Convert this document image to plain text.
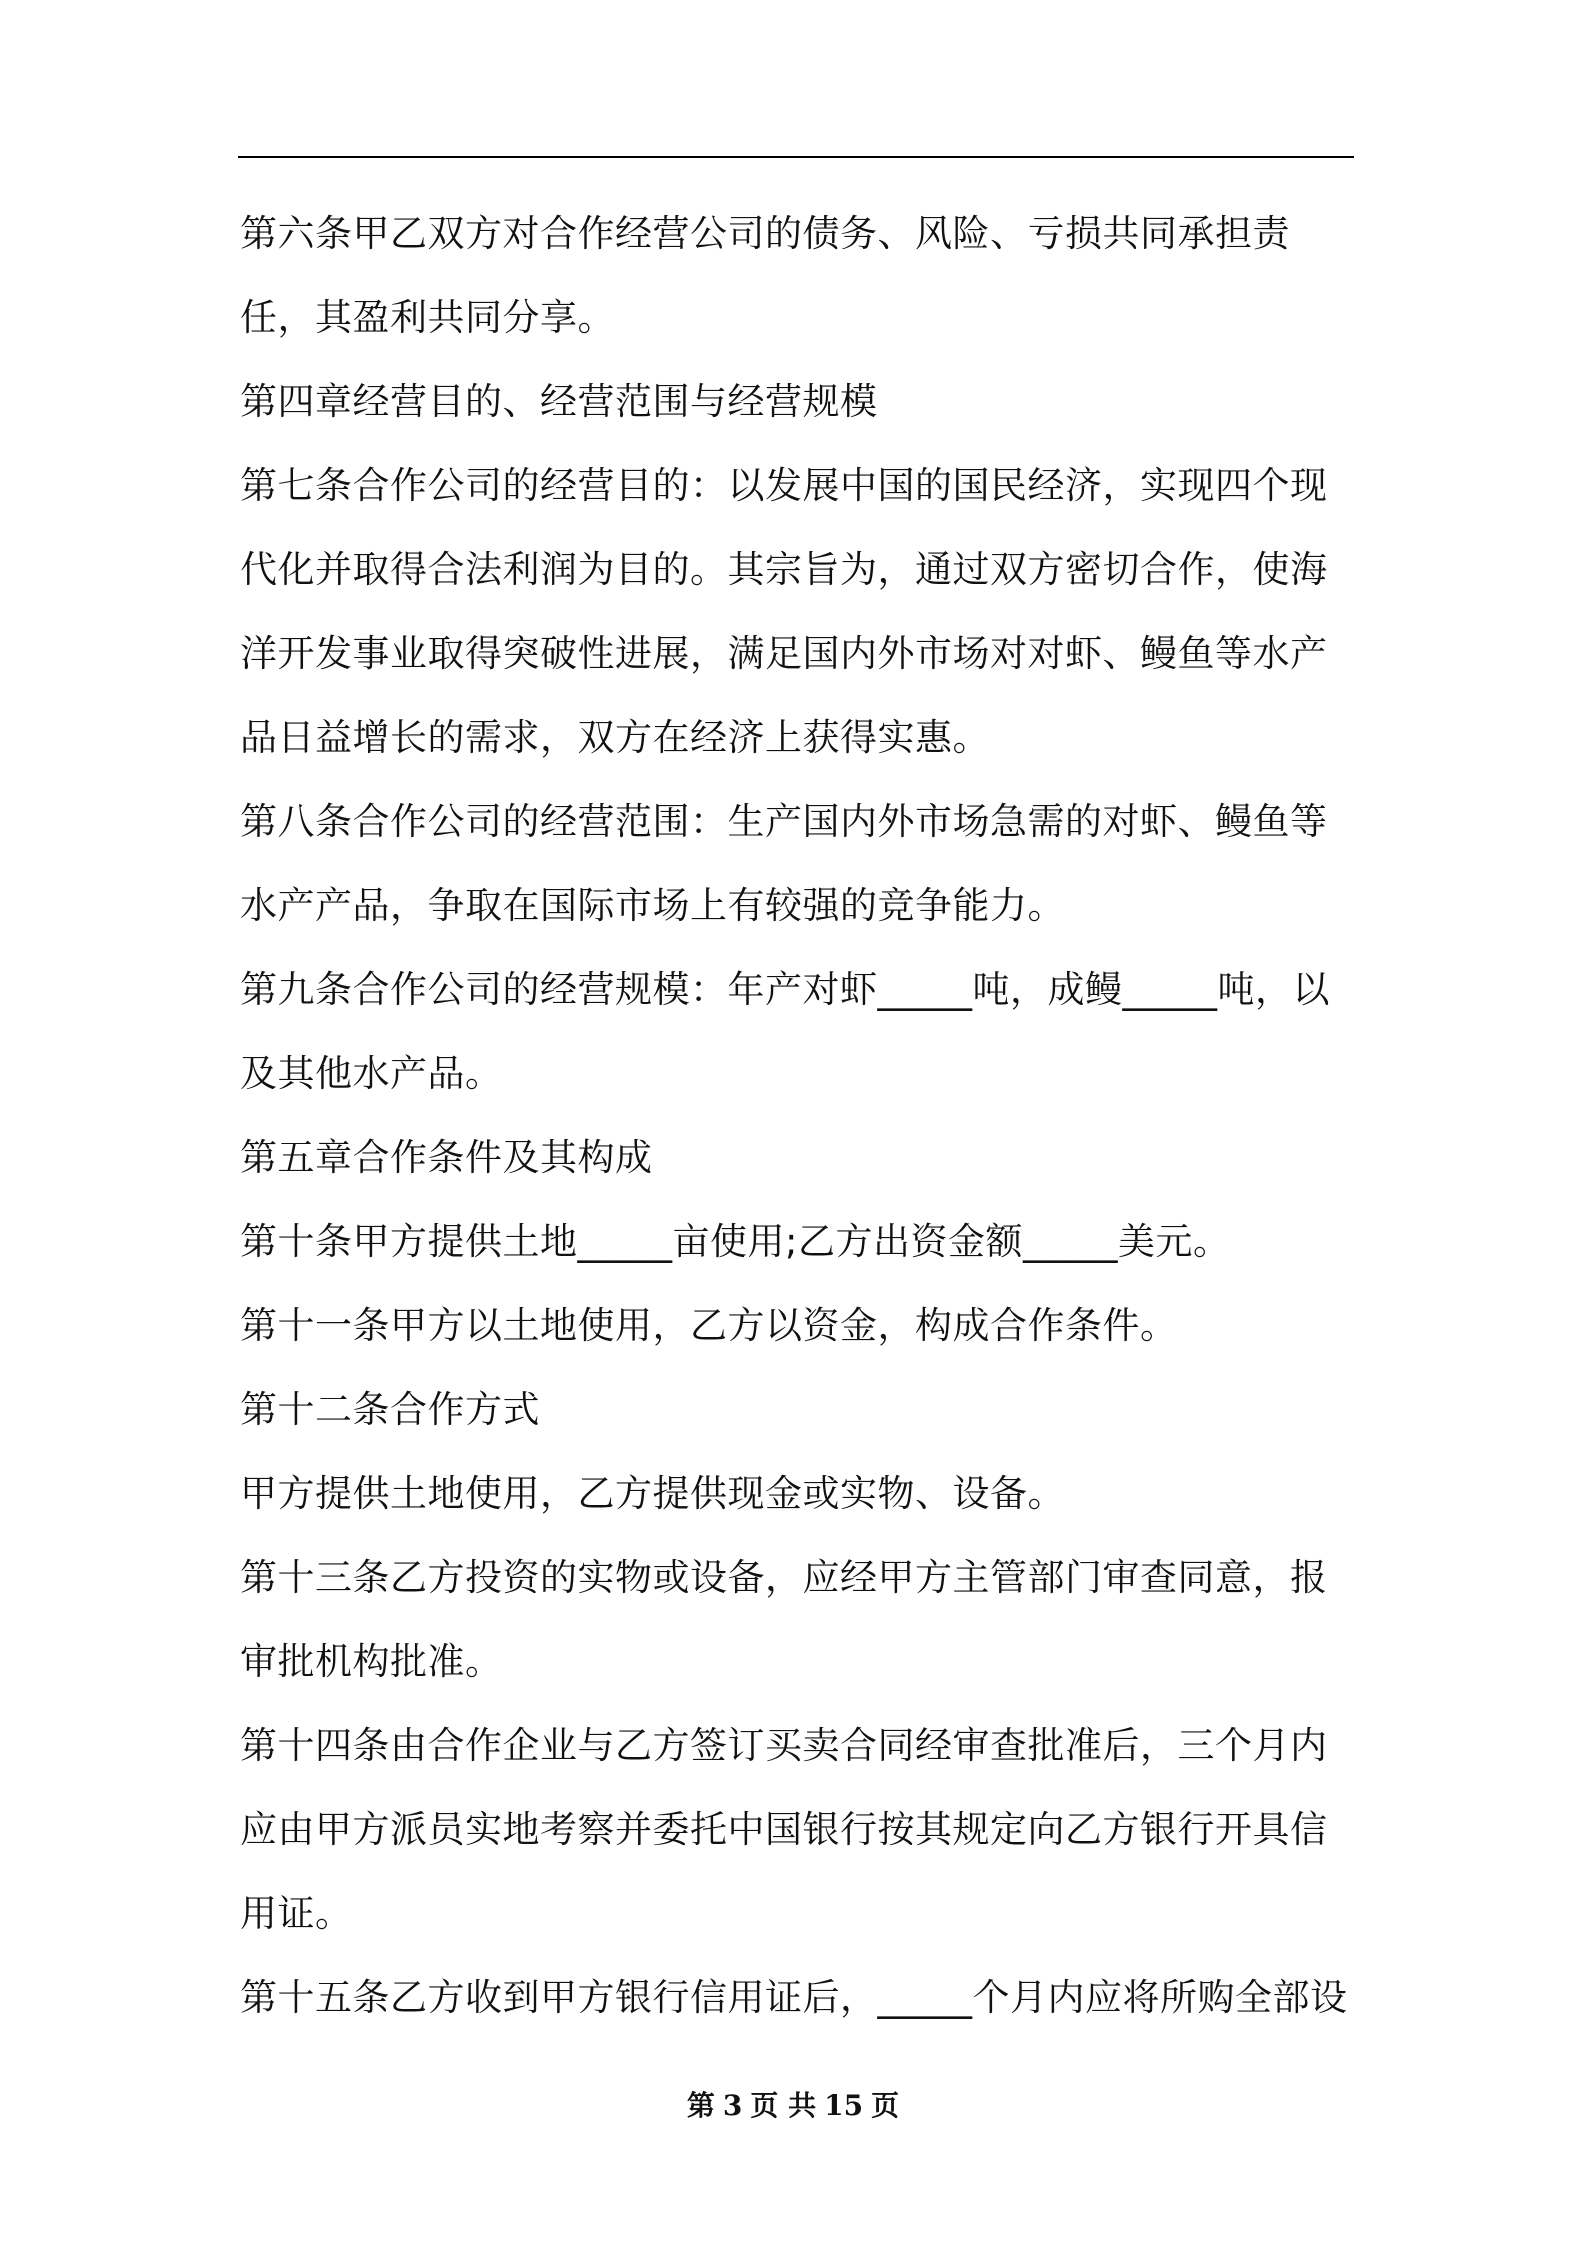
第六条甲乙双方对合作经营公司的债务、风险、亏损共同承担责任，其盈利共同分享。

第四章经营目的、经营范围与经营规模

第七条合作公司的经营目的：以发展中国的国民经济，实现四个现代化并取得合法利润为目的。其宗旨为，通过双方密切合作，使海洋开发事业取得突破性进展，满足国内外市场对对虾、鳗鱼等水产品日益增长的需求，双方在经济上获得实惠。

第八条合作公司的经营范围：生产国内外市场急需的对虾、鳗鱼等水产产品，争取在国际市场上有较强的竞争能力。

第九条合作公司的经营规模：年产对虾_____吨，成鳗_____吨，以及其他水产品。

第五章合作条件及其构成

第十条甲方提供土地_____亩使用;乙方出资金额_____美元。

第十一条甲方以土地使用，乙方以资金，构成合作条件。

第十二条合作方式

甲方提供土地使用，乙方提供现金或实物、设备。

第十三条乙方投资的实物或设备，应经甲方主管部门审查同意，报审批机构批准。

第十四条由合作企业与乙方签订买卖合同经审查批准后，三个月内应由甲方派员实地考察并委托中国银行按其规定向乙方银行开具信用证。

第十五条乙方收到甲方银行信用证后，_____个月内应将所购全部设

第 3 页 共 15 页
